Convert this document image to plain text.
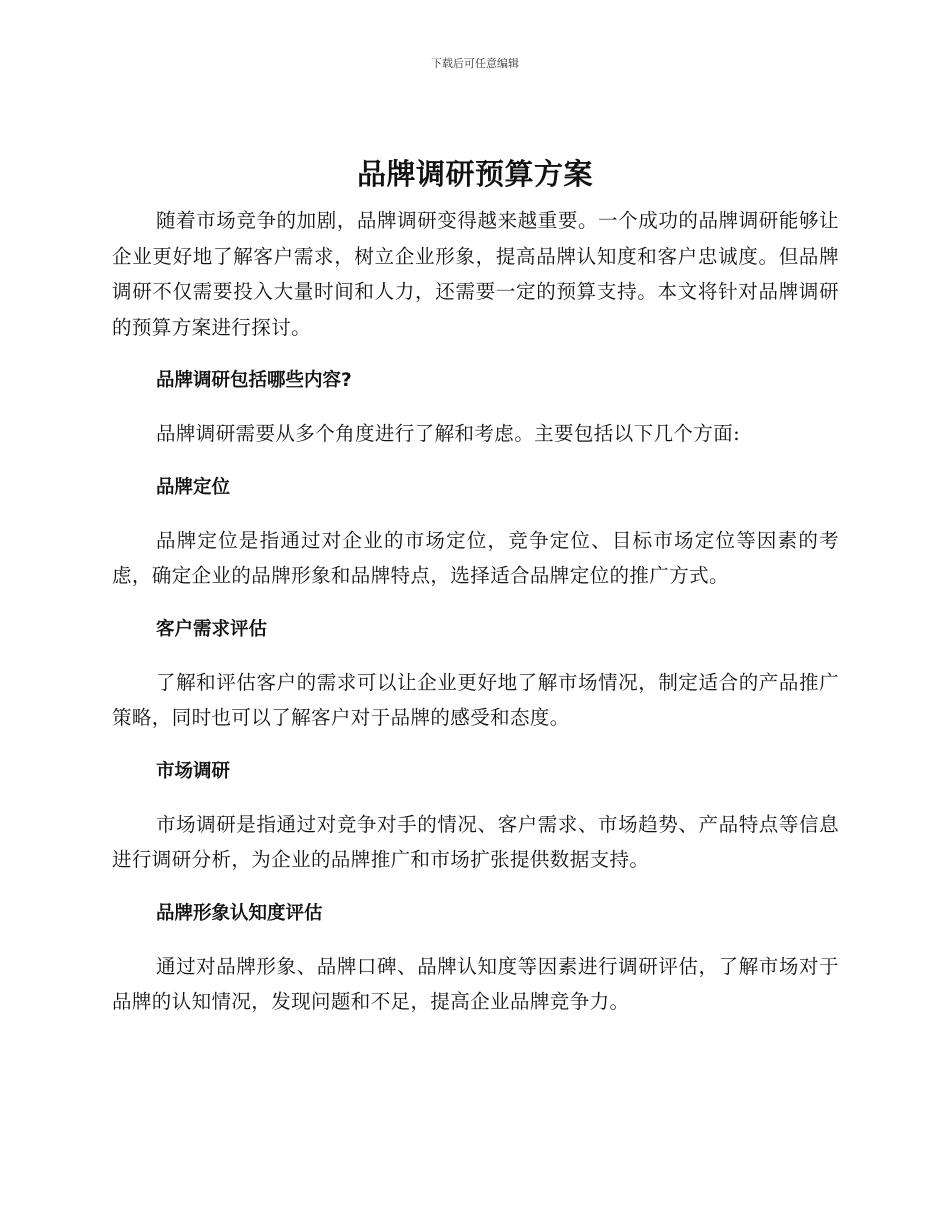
下载后可任意编辑
品牌调研预算方案

随着市场竞争的加剧，品牌调研变得越来越重要。一个成功的品牌调研能够让企业更好地了解客户需求，树立企业形象，提高品牌认知度和客户忠诚度。但品牌调研不仅需要投入大量时间和人力，还需要一定的预算支持。本文将针对品牌调研的预算方案进行探讨。

品牌调研包括哪些内容?

品牌调研需要从多个角度进行了解和考虑。主要包括以下几个方面:

品牌定位

品牌定位是指通过对企业的市场定位，竞争定位、目标市场定位等因素的考虑，确定企业的品牌形象和品牌特点，选择适合品牌定位的推广方式。

客户需求评估

了解和评估客户的需求可以让企业更好地了解市场情况，制定适合的产品推广策略，同时也可以了解客户对于品牌的感受和态度。

市场调研

市场调研是指通过对竞争对手的情况、客户需求、市场趋势、产品特点等信息进行调研分析，为企业的品牌推广和市场扩张提供数据支持。

品牌形象认知度评估

通过对品牌形象、品牌口碑、品牌认知度等因素进行调研评估，了解市场对于品牌的认知情况，发现问题和不足，提高企业品牌竞争力。
